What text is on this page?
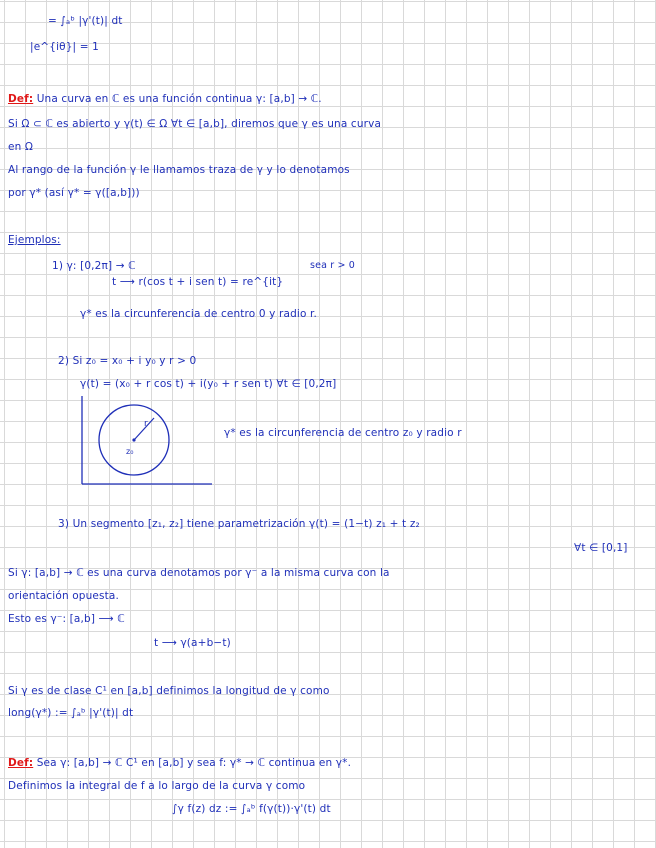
= ∫ₐᵇ |γ'(t)| dt
|e^{iθ}| = 1
Def: Una curva en ℂ es una función continua γ: [a,b] → ℂ.
Si Ω ⊂ ℂ es abierto y γ(t) ∈ Ω ∀t ∈ [a,b], diremos que γ es una curva
en Ω
Al rango de la función γ le llamamos traza de γ y lo denotamos
por γ* (así γ* = γ([a,b]))
Ejemplos:
1) γ: [0,2π] → ℂ	sea r > 0
t ⟶ r(cos t + i sen t) = re^{it}
γ* es la circunferencia de centro 0 y radio r.
2) Si z₀ = x₀ + i y₀ y r > 0
γ(t) = (x₀ + r cos t) + i(y₀ + r sen t) ∀t ∈ [0,2π]
r
z₀
γ* es la circunferencia de centro z₀ y radio r
3) Un segmento [z₁, z₂] tiene parametrización γ(t) = (1−t) z₁ + t z₂
∀t ∈ [0,1]
Si γ: [a,b] → ℂ es una curva denotamos por γ⁻ a la misma curva con la
orientación opuesta.
Esto es γ⁻: [a,b] ⟶ ℂ
t ⟶ γ(a+b−t)
Si γ es de clase C¹ en [a,b] definimos la longitud de γ como
long(γ*) := ∫ₐᵇ |γ'(t)| dt
Def: Sea γ: [a,b] → ℂ C¹ en [a,b] y sea f: γ* → ℂ continua en γ*.
Definimos la integral de f a lo largo de la curva γ como
∫γ f(z) dz := ∫ₐᵇ f(γ(t))·γ'(t) dt
